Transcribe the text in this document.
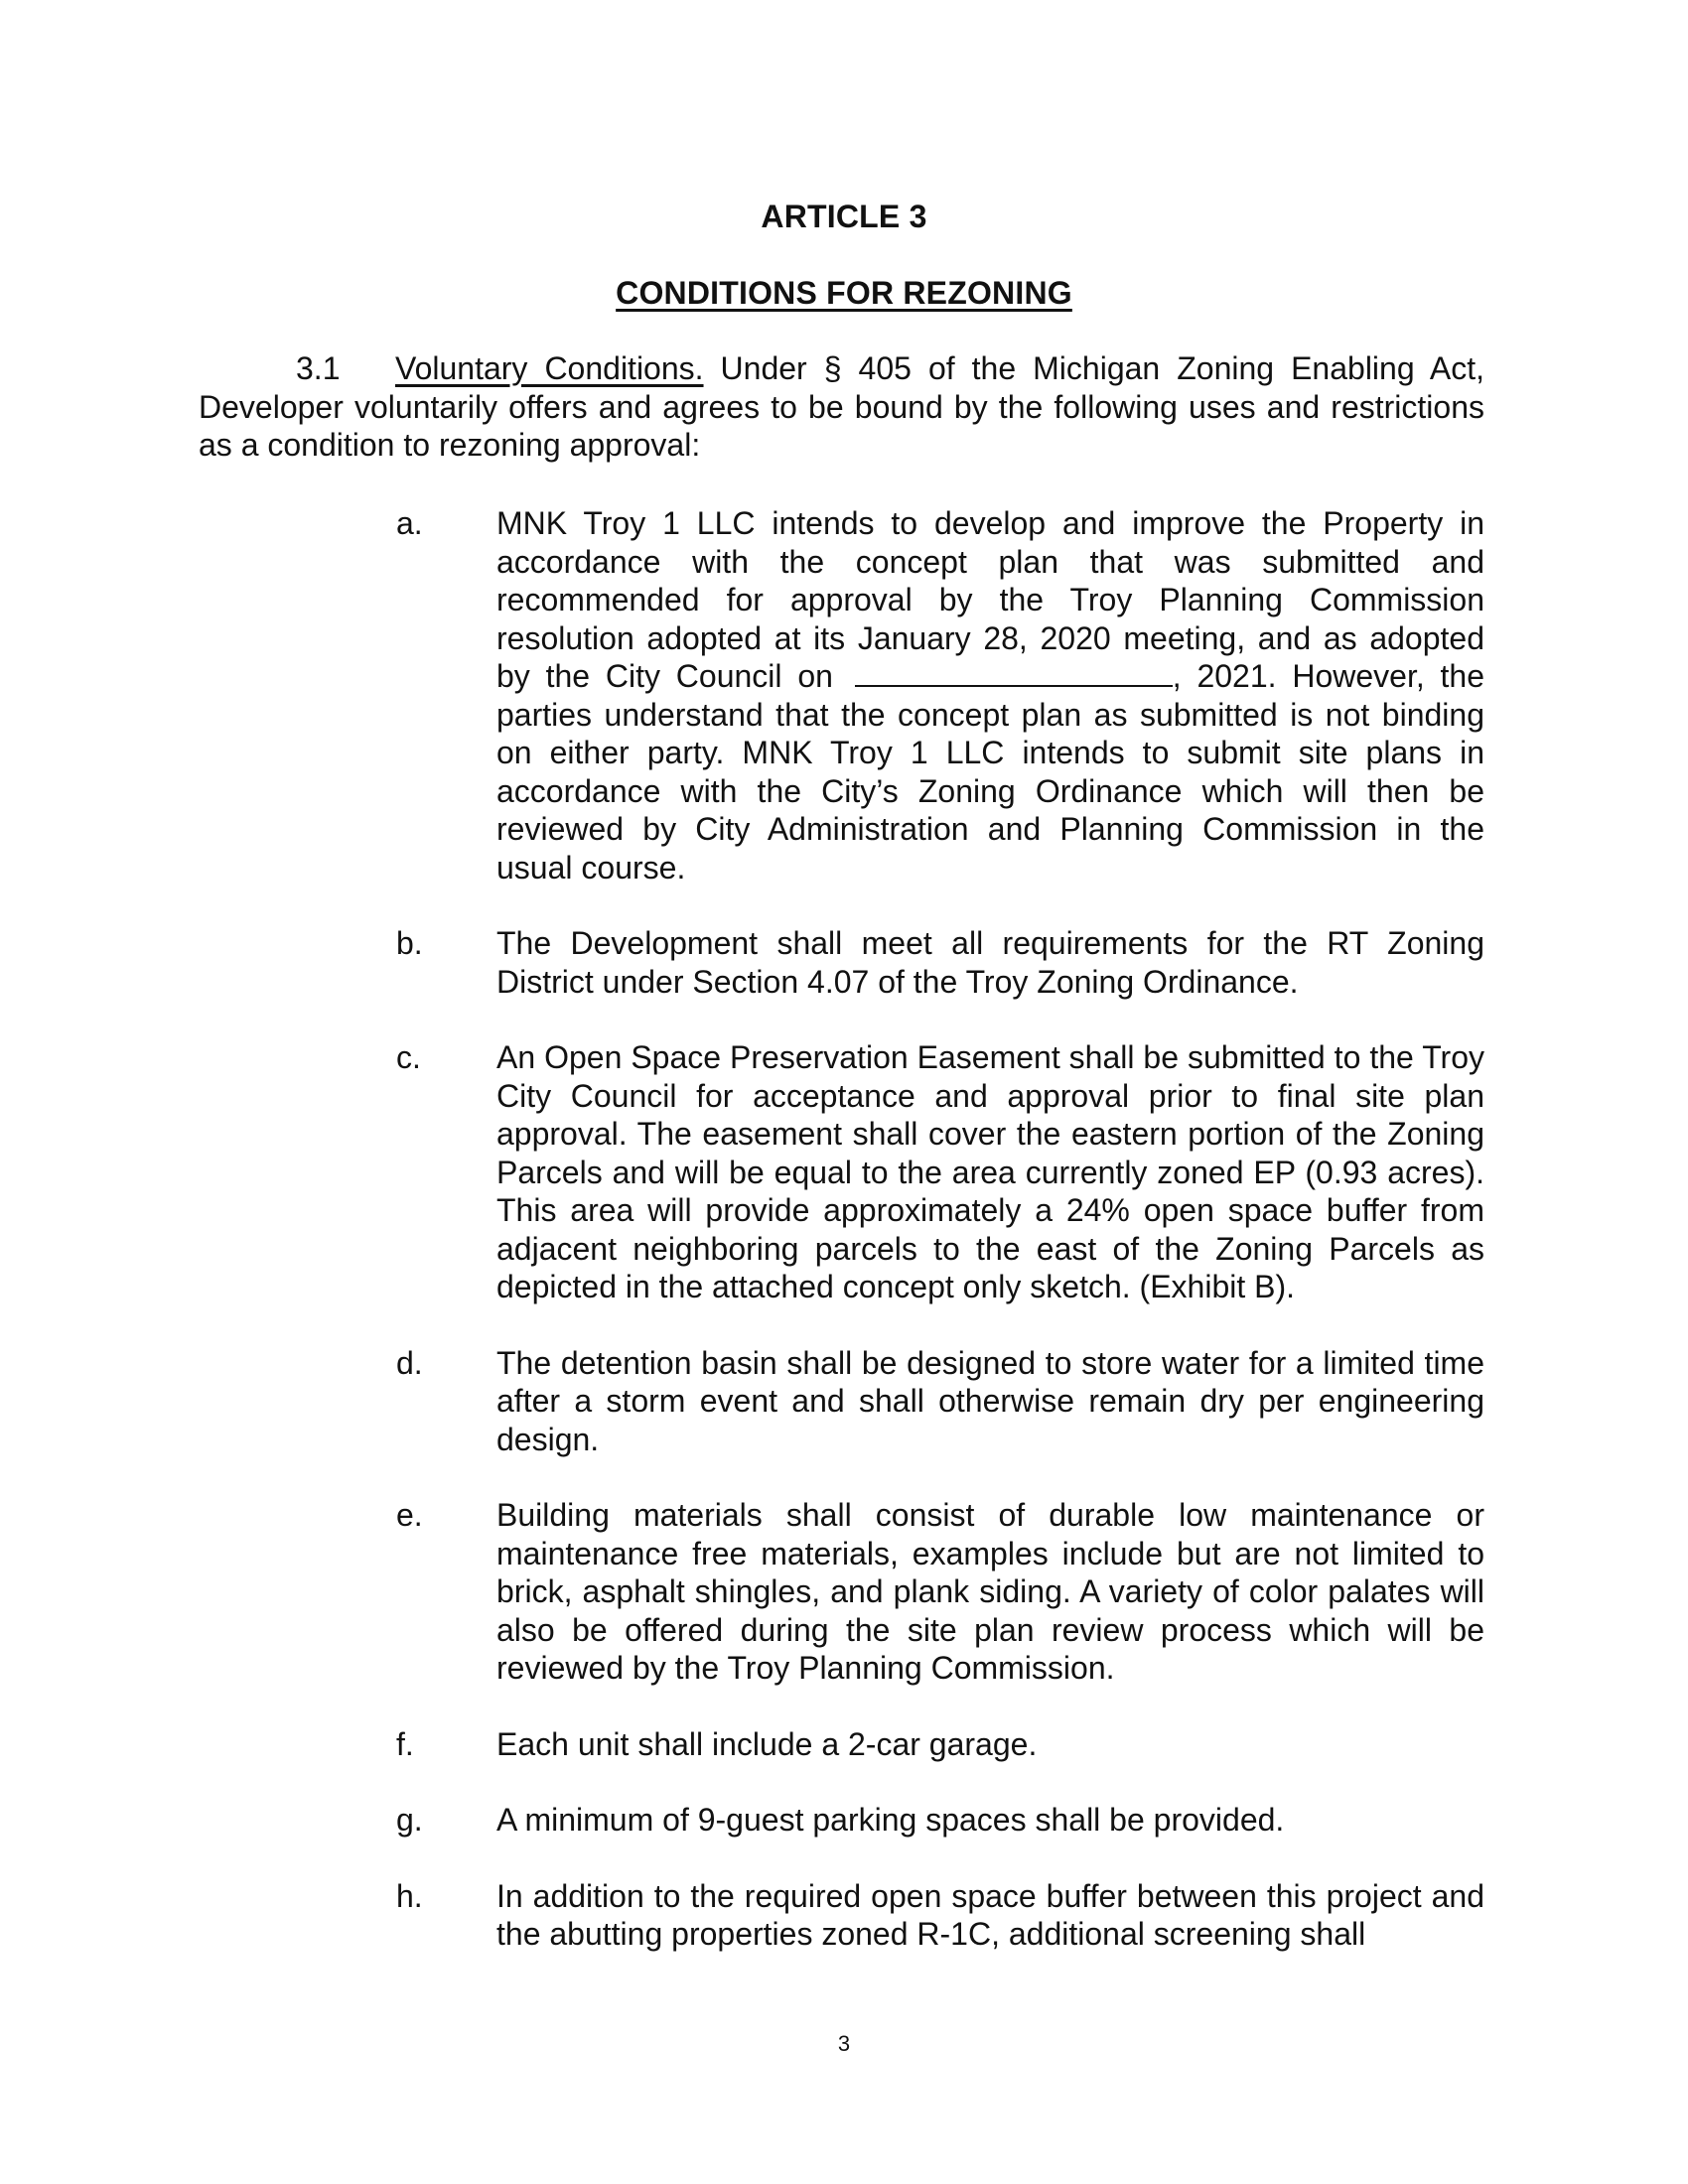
ARTICLE 3
CONDITIONS FOR REZONING
3.1 Voluntary Conditions. Under § 405 of the Michigan Zoning Enabling Act, Developer voluntarily offers and agrees to be bound by the following uses and restrictions as a condition to rezoning approval:
a. MNK Troy 1 LLC intends to develop and improve the Property in accordance with the concept plan that was submitted and recommended for approval by the Troy Planning Commission resolution adopted at its January 28, 2020 meeting, and as adopted by the City Council on	, 2021. However, the parties understand that the concept plan as submitted is not binding on either party. MNK Troy 1 LLC intends to submit site plans in accordance with the City’s Zoning Ordinance which will then be reviewed by City Administration and Planning Commission in the usual course.
b. The Development shall meet all requirements for the RT Zoning District under Section 4.07 of the Troy Zoning Ordinance.
c. An Open Space Preservation Easement shall be submitted to the Troy City Council for acceptance and approval prior to final site plan approval. The easement shall cover the eastern portion of the Zoning Parcels and will be equal to the area currently zoned EP (0.93 acres). This area will provide approximately a 24% open space buffer from adjacent neighboring parcels to the east of the Zoning Parcels as depicted in the attached concept only sketch. (Exhibit B).
d. The detention basin shall be designed to store water for a limited time after a storm event and shall otherwise remain dry per engineering design.
e. Building materials shall consist of durable low maintenance or maintenance free materials, examples include but are not limited to brick, asphalt shingles, and plank siding. A variety of color palates will also be offered during the site plan review process which will be reviewed by the Troy Planning Commission.
f.	Each unit shall include a 2-car garage.
g. A minimum of 9-guest parking spaces shall be provided.
h. In addition to the required open space buffer between this project and the abutting properties zoned R-1C, additional screening shall
3
